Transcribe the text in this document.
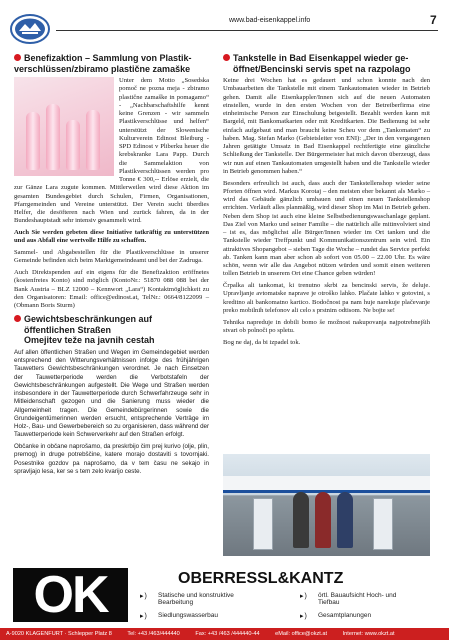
www.bad-eisenkappel.info	7
Benefizaktion – Sammlung von Plastik-
verschlüssen/zbiramo plastične zamaške

Unter dem Motto „Sosedska pomoč ne pozna meja - zbiramo plastične zamaške in pomagamo“ - „Nachbarschaftshilfe kennt keine Grenzen - wir sammeln Plastikverschlüsse und helfen“ unterstützt der Slowenische Kulturverein Edinost Bleiburg - SPD Edinost v Pliberku heuer die krebskranke Lara Papp. Durch die Sammelaktion von Plastikverschlüssen werden pro Tonne € 300,-- Erlöse erzielt, die zur Gänze Lara zugute kommen. Mittlerweilen wird diese Aktion im gesamten Bundesgebiet durch Schulen, Firmen, Organisationen, Pfarrgemeinden und Vereine unterstützt. Der Verein sucht überdies Helfer, die desöfteren nach Wien und zurück fahren, da in der Bundeshauptstadt sehr intensiv gesammelt wird.

Auch Sie werden gebeten diese Initiative tatkräftig zu unterstützen und aus Abfall eine wertvolle Hilfe zu schaffen.

Sammel- und Abgabestellen für die Plastikverschlüsse in unserer Gemeinde befinden sich beim Marktgemeindeamt und bei der Zadruga.

Auch Direktspenden auf ein eigens für die Benefizaktion eröffnetes (kostenfreies Konto) sind möglich (KontoNr.: 51870 088 088 bei der Bank Austria – BLZ 12000 – Kennwort „Lara“) Kontaktmöglichkeit zu den Organisatoren: Email: office@edinost.at, TelNr.: 0664/8122099 – (Obmann Boris Sturm)

Gewichtsbeschränkungen auf
öffentlichen Straßen
Omejitev teže na javnih cestah

Auf allen öffentlichen Straßen und Wegen im Gemeindegebiet werden entsprechend den Witterungsverhältnissen infolge des frühjährigen Tauwetters Gewichtsbeschränkungen verordnet. Je nach Einsetzen der Tauwetterperiode werden die Verbotstafeln der Gewichtsbeschränkungen aufgestellt. Die Wege und Straßen werden insbesondere in der Tauwetterperiode durch Schwerfahrzeuge sehr in Mitleidenschaft gezogen und die Sanierung muss wieder die Allgemeinheit tragen. Die Gemeindebürgerinnen sowie die Grundeigentümerinnen werden ersucht, entsprechende Verträge im Holz-, Bau- und Gewerbebereich so zu organisieren, dass während der Tauwetterperiode kein Schwerverkehr auf den Straßen erfolgt.

Občanke in občane naprošamo, da preskrbijo čim prej kurivo (olje, plin, premog) in druge potrebščine, katere morajo dostaviti s tovornjaki. Posestnike gozdov pa naprošamo, da v tem času ne sekajo in spravljajo lesa, ker se s tem zelo kvarijo ceste.

Tankstelle in Bad Eisenkappel wieder ge-
öffnet/Bencinski servis spet na razpolago

Keine drei Wochen hat es gedauert und schon konnte nach den Umbauarbeiten die Tankstelle mit einem Tankautomaten wieder in Betrieb gehen. Damit alle Eisenkappler/Innen sich auf die neuen Automaten einstellen, wurde in den ersten Wochen von der Betreiberfirma eine einheimische Person zur Einschulung beigestellt. Bezahlt werden kann mit Bargeld, mit Bankomatkarten oder mit Kreditkarten. Die Bedienung ist sehr einfach aufgebaut und man braucht keine Scheu vor dem „Tankomaten“ zu haben. Mag. Stefan Marko (Gebietsleiter von ENI): „Der in den vergangenen Jahren getätigte Umsatz in Bad Eisenkappel rechtfertigte eine gänzliche Schließung der Tankstelle. Der Bürgermeister hat mich davon überzeugt, dass wir nun auf einen Tankautomaten umgestellt haben und die Tankstelle wieder in Betrieb genommen haben.“

Besonders erfreulich ist auch, dass auch der Tankstellenshop wieder seine Pforten öffnen wird. Markus Korotaj – den meisten eher bekannt als Marko – wird das Gebäude gänzlich umbauen und einen neuen Tankstellenshop errichten. Verläuft alles planmäßig, wird dieser Shop im Mai in Betrieb gehen. Neben dem Shop ist auch eine kleine Selbstbedienungswaschanlage geplant. Das Ziel von Marko und seiner Familie – die natürlich alle mitinvolviert sind – ist es, das möglichst alle Bürger/Innen wieder im Ort tanken und die Tankstelle wieder Treffpunkt und Kommunikationszentrum sein wird. Ein attraktives Shopangebot – sieben Tage die Woche – rundet das Service perfekt ab. Tanken kann man aber schon ab sofort von 05.00 – 22.00 Uhr. Es wäre schön, wenn wir alle das Angebot nützen würden und somit einen weiteren tollen Betrieb in unserem Ort eine Chance geben würden!

Črpalka ali tankomat, ki trenutno skrbi za bencinski servis, že deluje. Upravljanje avtomatske naprave je otroško lahko. Plačate lahko v gotovini, s kreditno ali bankomatno kartico. Bodočnost pa nam huje narekuje plačevanje preko mobilnih telefonov ali celo s prstnim odtisom. Ne bojte se!

Tehnika napreduje in dobili bomo še možnost nakupovanja najpotrebnejših stvari ob polnoči po spletu.

Bog ne daj, da bi izpadel tok.

OK	OBERRESSL&KANTZ
▸) Statische und konstruktive Bearbeitung
▸) örtl. Bauaufsicht Hoch- und Tiefbau
▸) Siedlungswasserbau	▸) Gesamtplanungen
A-9020 KLAGENFURT · Schlepper Platz 8	Tel: +43 /463/444440	Fax: +43 /463 /444440-44	eMail: office@okzt.at	Internet: www.okzt.at
